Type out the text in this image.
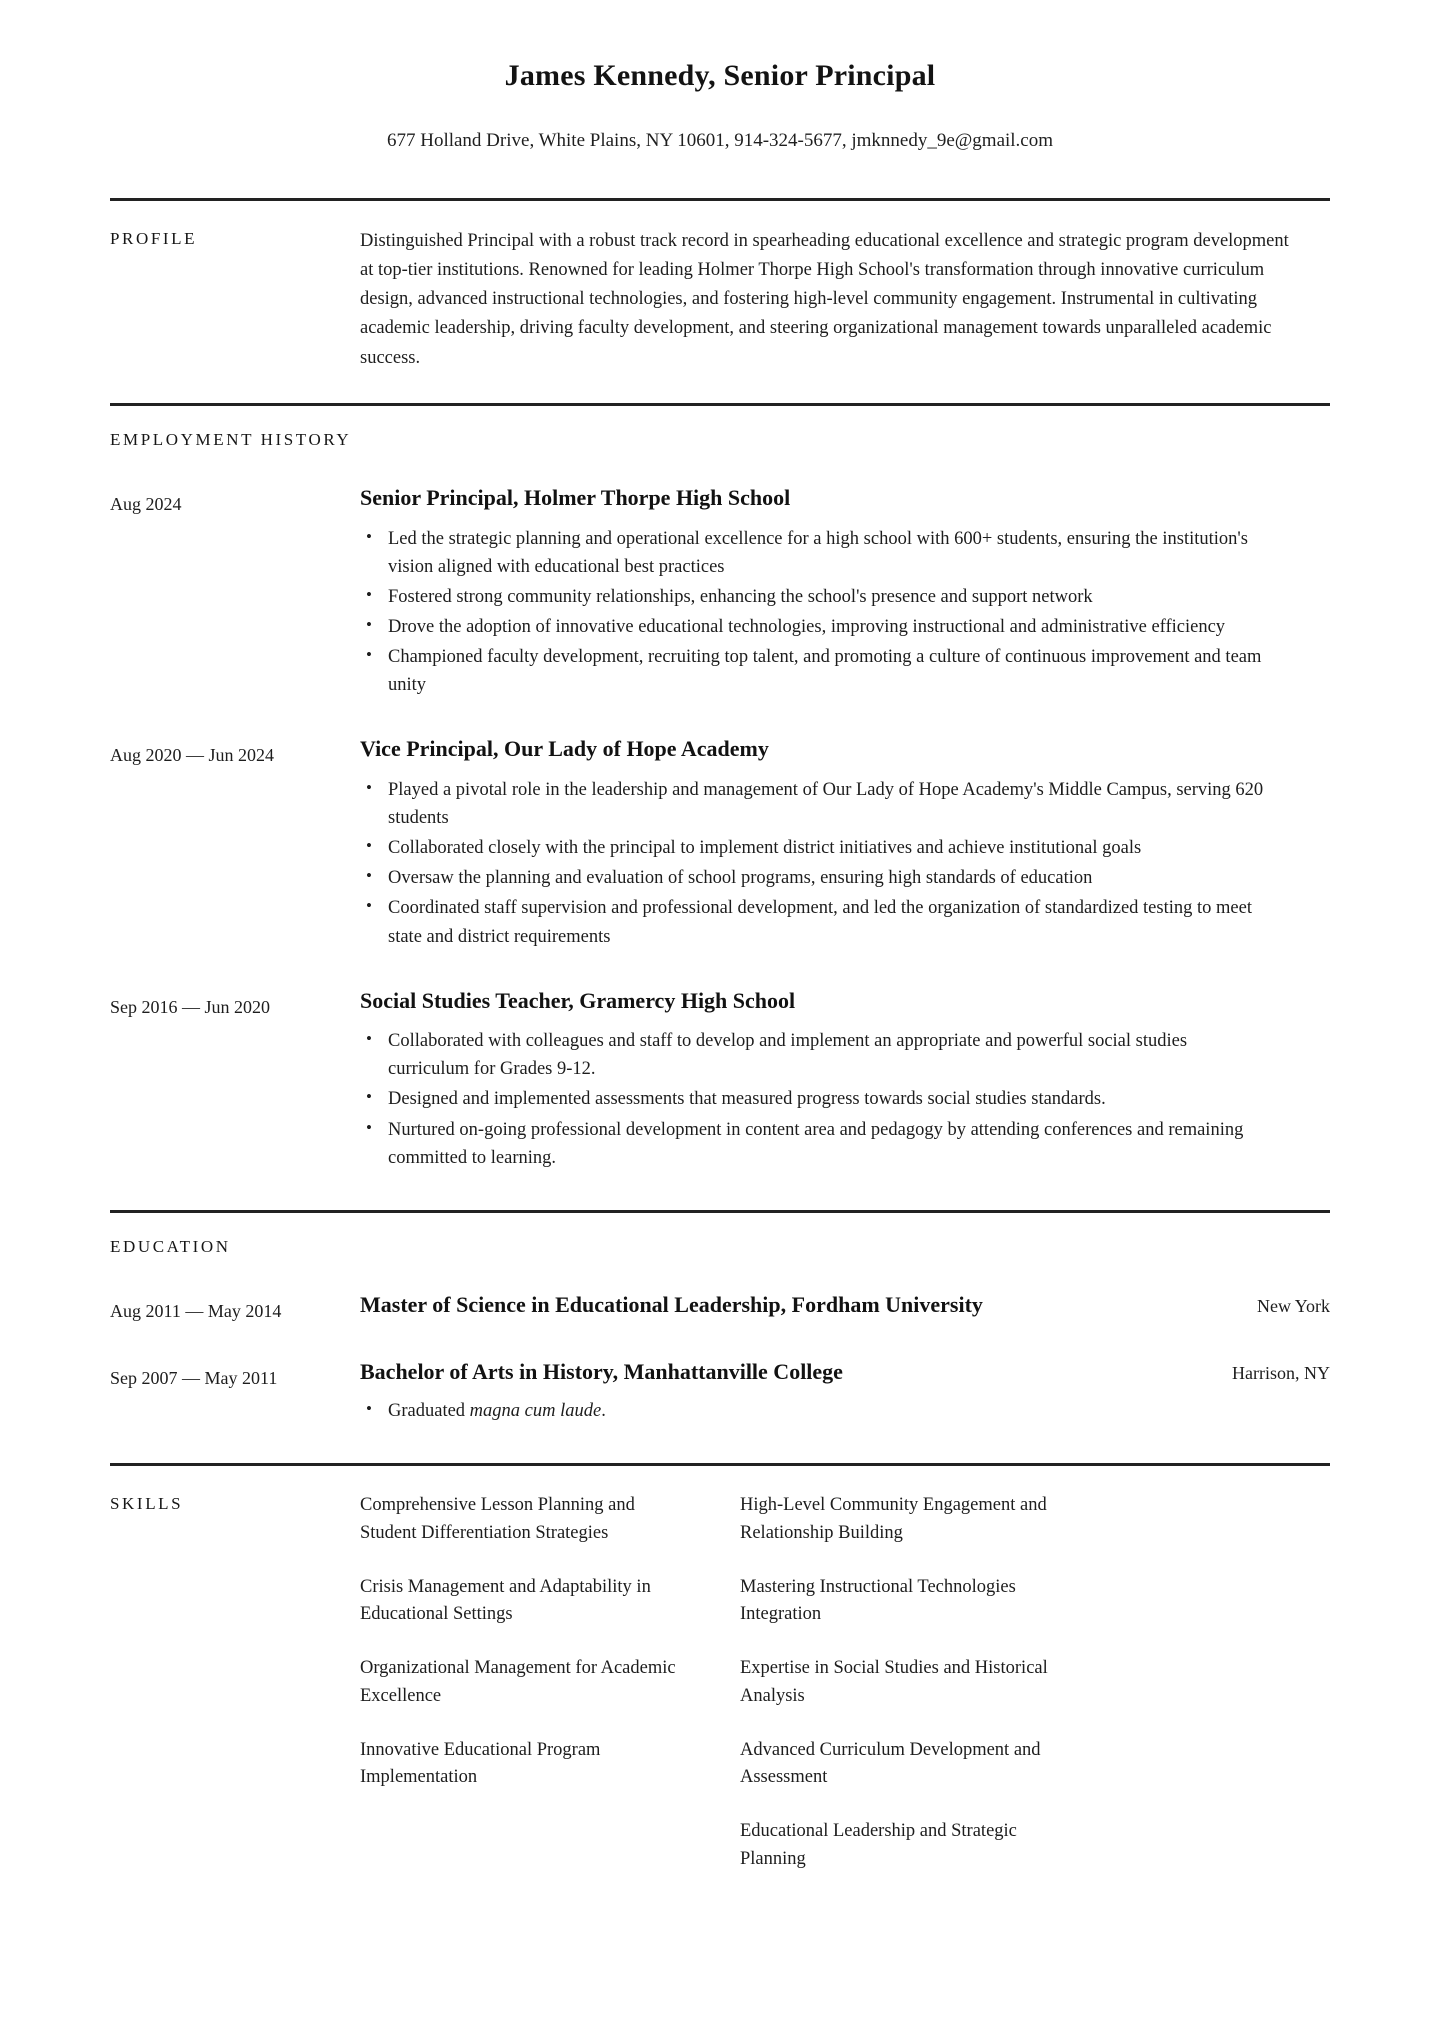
James Kennedy, Senior Principal
677 Holland Drive, White Plains, NY 10601, 914-324-5677, jmknnedy_9e@gmail.com
PROFILE	Distinguished Principal with a robust track record in spearheading educational excellence and strategic program development at top-tier institutions. Renowned for leading Holmer Thorpe High School's transformation through innovative curriculum design, advanced instructional technologies, and fostering high-level community engagement. Instrumental in cultivating academic leadership, driving faculty development, and steering organizational management towards unparalleled academic success.
EMPLOYMENT HISTORY
Aug 2024	Senior Principal, Holmer Thorpe High School
• Led the strategic planning and operational excellence for a high school with 600+ students, ensuring the institution's vision aligned with educational best practices
• Fostered strong community relationships, enhancing the school's presence and support network
• Drove the adoption of innovative educational technologies, improving instructional and administrative efficiency
• Championed faculty development, recruiting top talent, and promoting a culture of continuous improvement and team unity
Aug 2020 — Jun 2024	Vice Principal, Our Lady of Hope Academy
• Played a pivotal role in the leadership and management of Our Lady of Hope Academy's Middle Campus, serving 620 students
• Collaborated closely with the principal to implement district initiatives and achieve institutional goals
• Oversaw the planning and evaluation of school programs, ensuring high standards of education
• Coordinated staff supervision and professional development, and led the organization of standardized testing to meet state and district requirements
Sep 2016 — Jun 2020	Social Studies Teacher, Gramercy High School
• Collaborated with colleagues and staff to develop and implement an appropriate and powerful social studies curriculum for Grades 9-12.
• Designed and implemented assessments that measured progress towards social studies standards.
• Nurtured on-going professional development in content area and pedagogy by attending conferences and remaining committed to learning.
EDUCATION
Aug 2011 — May 2014	Master of Science in Educational Leadership, Fordham University	New York
Sep 2007 — May 2011	Bachelor of Arts in History, Manhattanville College	Harrison, NY
• Graduated magna cum laude.
SKILLS	Comprehensive Lesson Planning and Student Differentiation Strategies
Crisis Management and Adaptability in Educational Settings
Organizational Management for Academic Excellence
Innovative Educational Program Implementation
High-Level Community Engagement and Relationship Building
Mastering Instructional Technologies Integration
Expertise in Social Studies and Historical Analysis
Advanced Curriculum Development and Assessment
Educational Leadership and Strategic Planning
